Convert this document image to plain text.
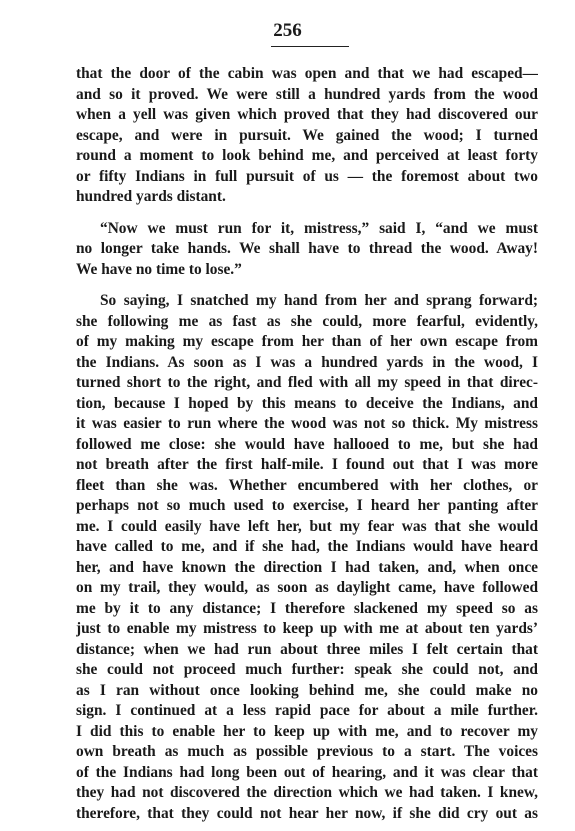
256

that the door of the cabin was open and that we had escaped—
and so it proved. We were still a hundred yards from the wood
when a yell was given which proved that they had discovered our
escape, and were in pursuit. We gained the wood; I turned
round a moment to look behind me, and perceived at least forty
or fifty Indians in full pursuit of us — the foremost about two
hundred yards distant.

“Now we must run for it, mistress,” said I, “and we must
no longer take hands. We shall have to thread the wood. Away!
We have no time to lose.”

So saying, I snatched my hand from her and sprang forward;
she following me as fast as she could, more fearful, evidently,
of my making my escape from her than of her own escape from
the Indians. As soon as I was a hundred yards in the wood, I
turned short to the right, and fled with all my speed in that direc-
tion, because I hoped by this means to deceive the Indians, and
it was easier to run where the wood was not so thick. My mistress
followed me close: she would have hallooed to me, but she had
not breath after the first half-mile. I found out that I was more
fleet than she was. Whether encumbered with her clothes, or
perhaps not so much used to exercise, I heard her panting after
me. I could easily have left her, but my fear was that she would
have called to me, and if she had, the Indians would have heard
her, and have known the direction I had taken, and, when once
on my trail, they would, as soon as daylight came, have followed
me by it to any distance; I therefore slackened my speed so as
just to enable my mistress to keep up with me at about ten yards’
distance; when we had run about three miles I felt certain that
she could not proceed much further: speak she could not, and
as I ran without once looking behind me, she could make no
sign. I continued at a less rapid pace for about a mile further.
I did this to enable her to keep up with me, and to recover my
own breath as much as possible previous to a start. The voices
of the Indians had long been out of hearing, and it was clear that
they had not discovered the direction which we had taken. I knew,
therefore, that they could not hear her now, if she did cry out as
